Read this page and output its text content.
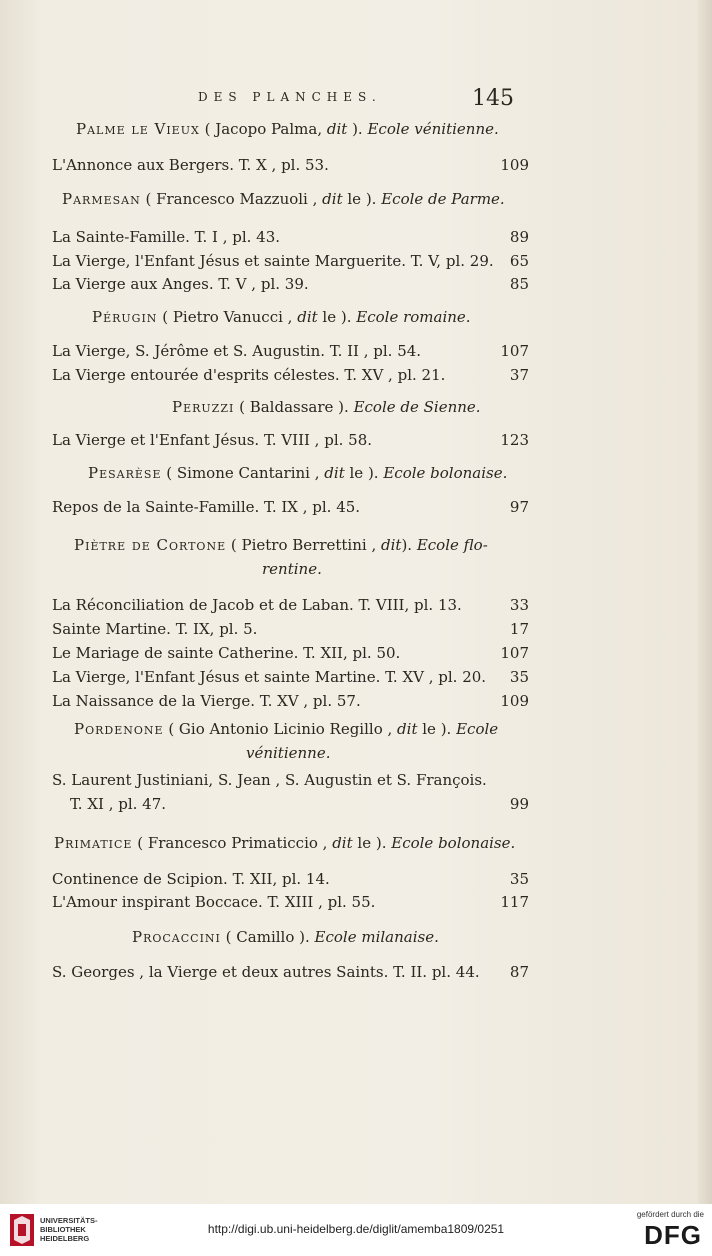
DES PLANCHES.	145
Palme le Vieux ( Jacopo Palma, dit ). Ecole vénitienne.
L'Annonce aux Bergers. T. X , pl. 53.	109
Parmesan ( Francesco Mazzuoli , dit le ). Ecole de Parme.
La Sainte-Famille. T. I , pl. 43.	89
La Vierge, l'Enfant Jésus et sainte Marguerite. T. V, pl. 29.	65
La Vierge aux Anges. T. V , pl. 39.	85
Pérugin ( Pietro Vanucci , dit le ). Ecole romaine.
La Vierge, S. Jérôme et S. Augustin. T. II , pl. 54.	107
La Vierge entourée d'esprits célestes. T. XV , pl. 21.	37
Peruzzi ( Baldassare ). Ecole de Sienne.
La Vierge et l'Enfant Jésus. T. VIII , pl. 58.	123
Pesarèse ( Simone Cantarini , dit le ). Ecole bolonaise.
Repos de la Sainte-Famille. T. IX , pl. 45.	97
Piètre de Cortone ( Pietro Berrettini , dit). Ecole flo-
rentine.
La Réconciliation de Jacob et de Laban. T. VIII, pl. 13.	33
Sainte Martine. T. IX, pl. 5.	17
Le Mariage de sainte Catherine. T. XII, pl. 50.	107
La Vierge, l'Enfant Jésus et sainte Martine. T. XV , pl. 20.	35
La Naissance de la Vierge. T. XV , pl. 57.	109
Pordenone ( Gio Antonio Licinio Regillo , dit le ). Ecole
vénitienne.
S. Laurent Justiniani, S. Jean , S. Augustin et S. François.
T. XI , pl. 47.	99
Primatice ( Francesco Primaticcio , dit le ). Ecole bolonaise.
Continence de Scipion. T. XII, pl. 14.	35
L'Amour inspirant Boccace. T. XIII , pl. 55.	117
Procaccini ( Camillo ). Ecole milanaise.
S. Georges , la Vierge et deux autres Saints. T. II. pl. 44.	87
UNIVERSITÄTS-
BIBLIOTHEK
HEIDELBERG
http://digi.ub.uni-heidelberg.de/diglit/amemba1809/0251
gefördert durch die
DFG
